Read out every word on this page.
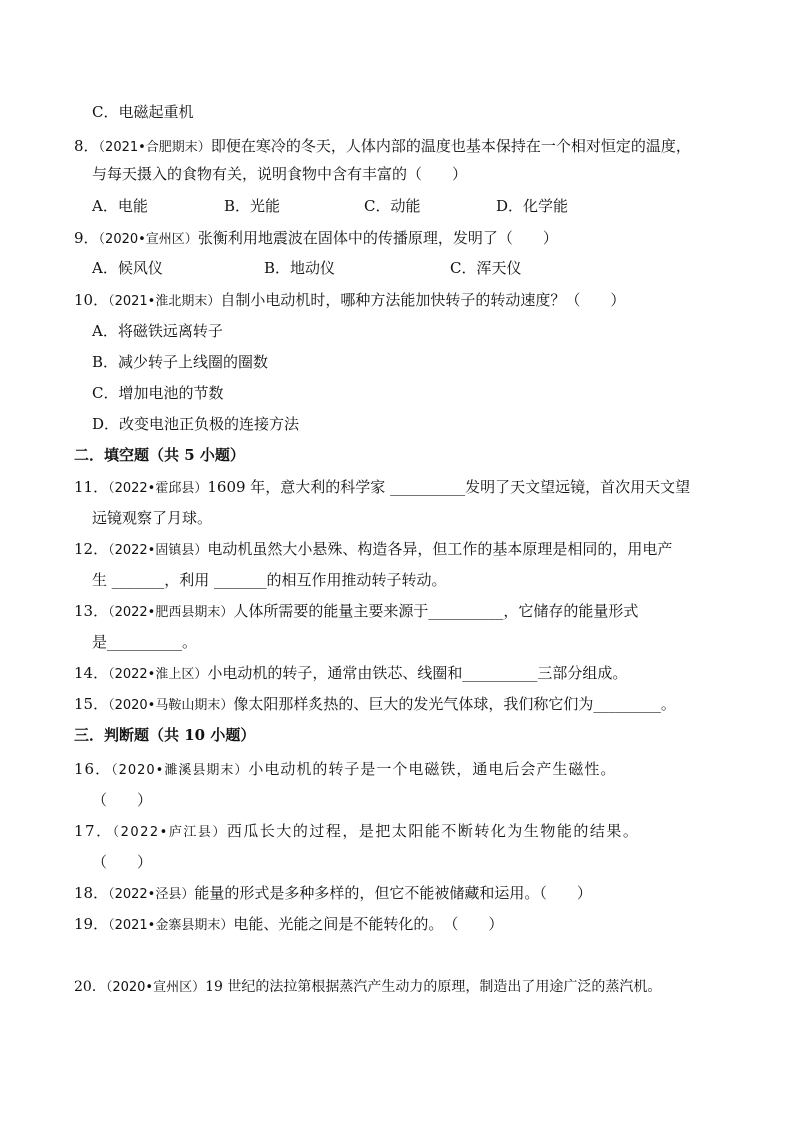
C．电磁起重机
8．（2021•合肥期末）即便在寒冷的冬天，人体内部的温度也基本保持在一个相对恒定的温度，
与每天摄入的食物有关，说明食物中含有丰富的（　　）
A．电能	B．光能	C．动能	D．化学能
9．（2020•宣州区）张衡利用地震波在固体中的传播原理，发明了（　　）
A．候风仪	B．地动仪	C．浑天仪
10．（2021•淮北期末）自制小电动机时，哪种方法能加快转子的转动速度？（　　）
A．将磁铁远离转子
B．减少转子上线圈的圈数
C．增加电池的节数
D．改变电池正负极的连接方法
二．填空题（共 5 小题）
11．（2022•霍邱县）1609 年，意大利的科学家 __________发明了天文望远镜，首次用天文望
远镜观察了月球。
12．（2022•固镇县）电动机虽然大小悬殊、构造各异，但工作的基本原理是相同的，用电产
生 _______，利用 _______的相互作用推动转子转动。
13．（2022•肥西县期末）人体所需要的能量主要来源于__________，它储存的能量形式
是__________。
14．（2022•淮上区）小电动机的转子，通常由铁芯、线圈和__________三部分组成。
15．（2020•马鞍山期末）像太阳那样炙热的、巨大的发光气体球，我们称它们为_________。
三．判断题（共 10 小题）
16．（2020•濉溪县期末）小电动机的转子是一个电磁铁，通电后会产生磁性。
（　　）
17．（2022•庐江县）西瓜长大的过程，是把太阳能不断转化为生物能的结果。
（　　）
18．（2022•泾县）能量的形式是多种多样的，但它不能被储藏和运用。（　　）
19．（2021•金寨县期末）电能、光能之间是不能转化的。　（　　）
20．（2020•宣州区）19 世纪的法拉第根据蒸汽产生动力的原理，制造出了用途广泛的蒸汽机。
